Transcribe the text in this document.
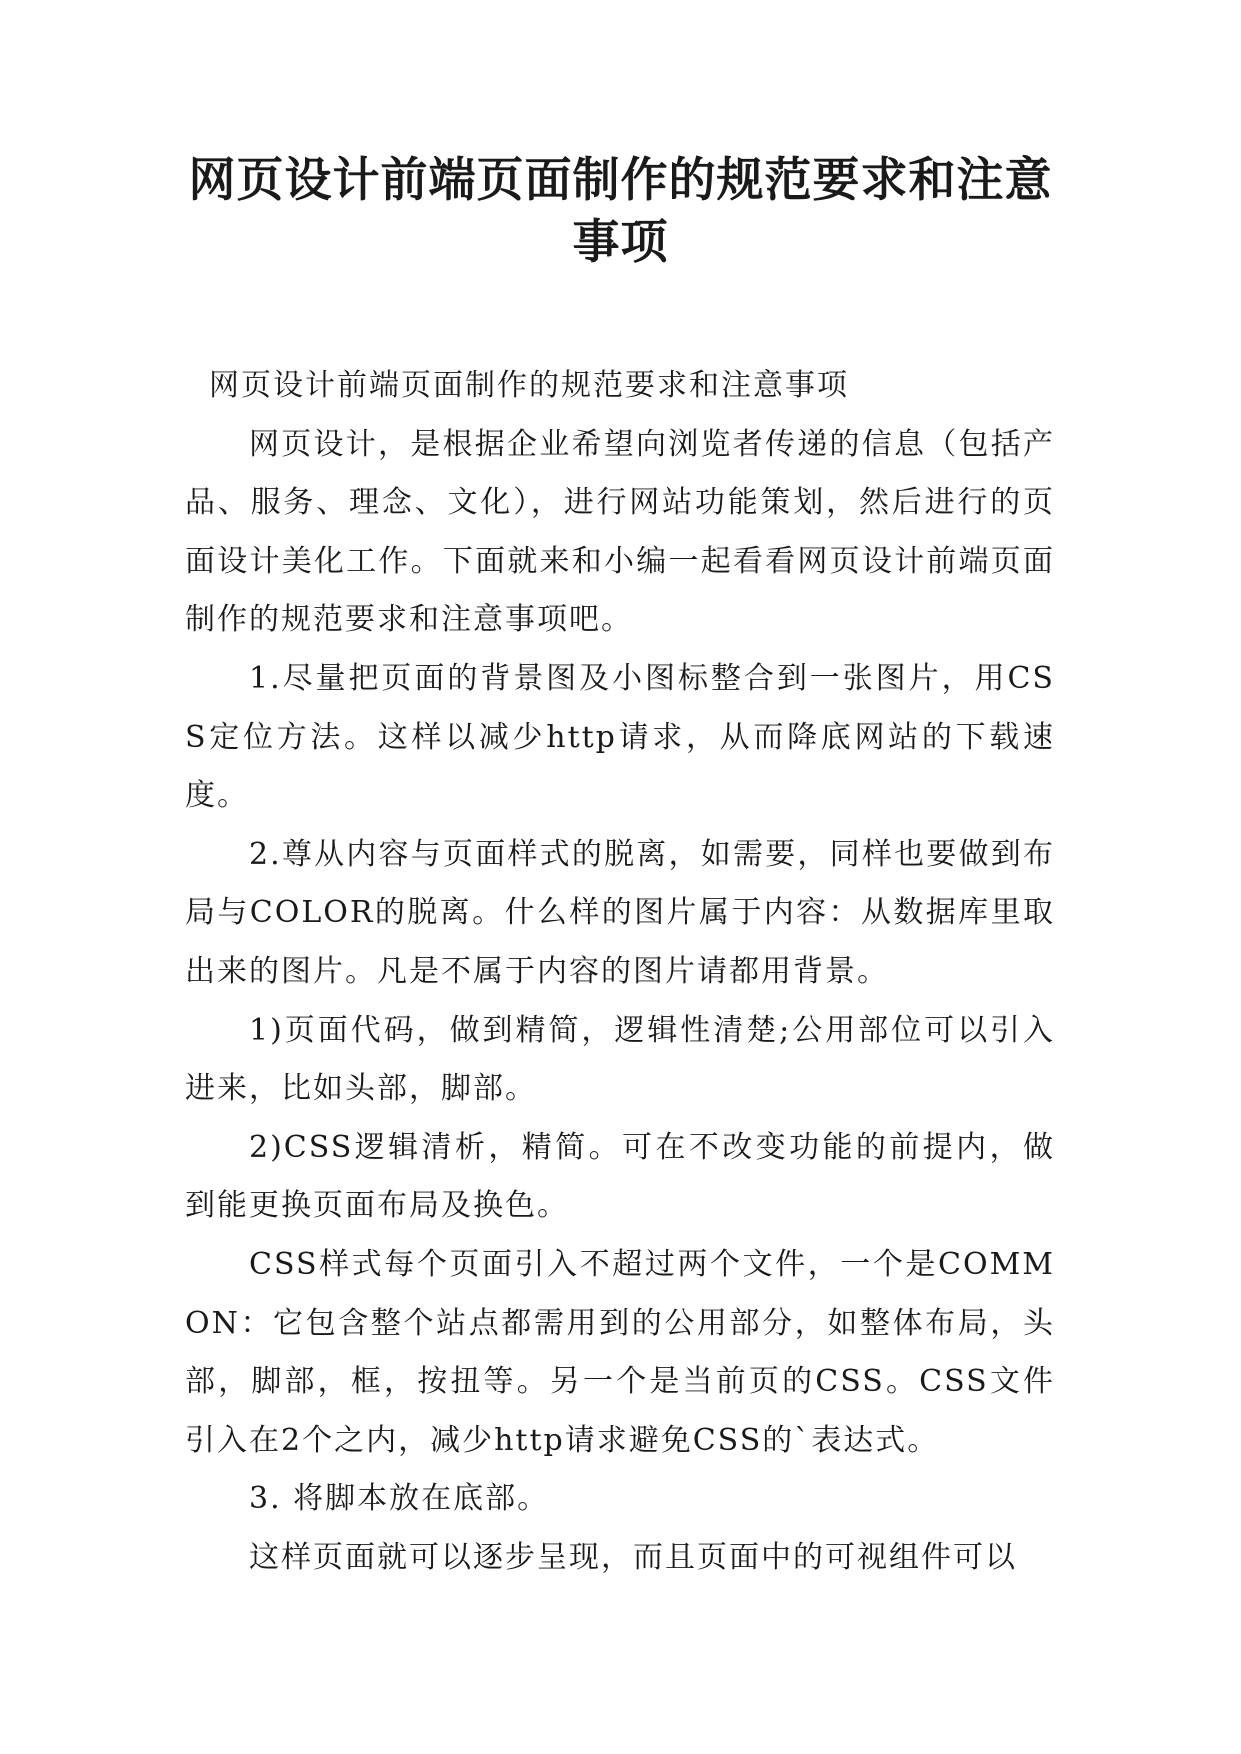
网页设计前端页面制作的规范要求和注意
事项

网页设计前端页面制作的规范要求和注意事项

网页设计，是根据企业希望向浏览者传递的信息（包括产品、服务、理念、文化），进行网站功能策划，然后进行的页面设计美化工作。下面就来和小编一起看看网页设计前端页面制作的规范要求和注意事项吧。

1.尽量把页面的背景图及小图标整合到一张图片，用CSS定位方法。这样以减少http请求，从而降底网站的下载速度。

2.尊从内容与页面样式的脱离，如需要，同样也要做到布局与COLOR的脱离。什么样的图片属于内容：从数据库里取出来的图片。凡是不属于内容的图片请都用背景。

1)页面代码，做到精简，逻辑性清楚;公用部位可以引入进来，比如头部，脚部。

2)CSS逻辑清析，精简。可在不改变功能的前提内，做到能更换页面布局及换色。

CSS样式每个页面引入不超过两个文件，一个是COMMON：它包含整个站点都需用到的公用部分，如整体布局，头部，脚部，框，按扭等。另一个是当前页的CSS。CSS文件引入在2个之内，减少http请求避免CSS的`表达式。

3. 将脚本放在底部。

这样页面就可以逐步呈现，而且页面中的可视组件可以
